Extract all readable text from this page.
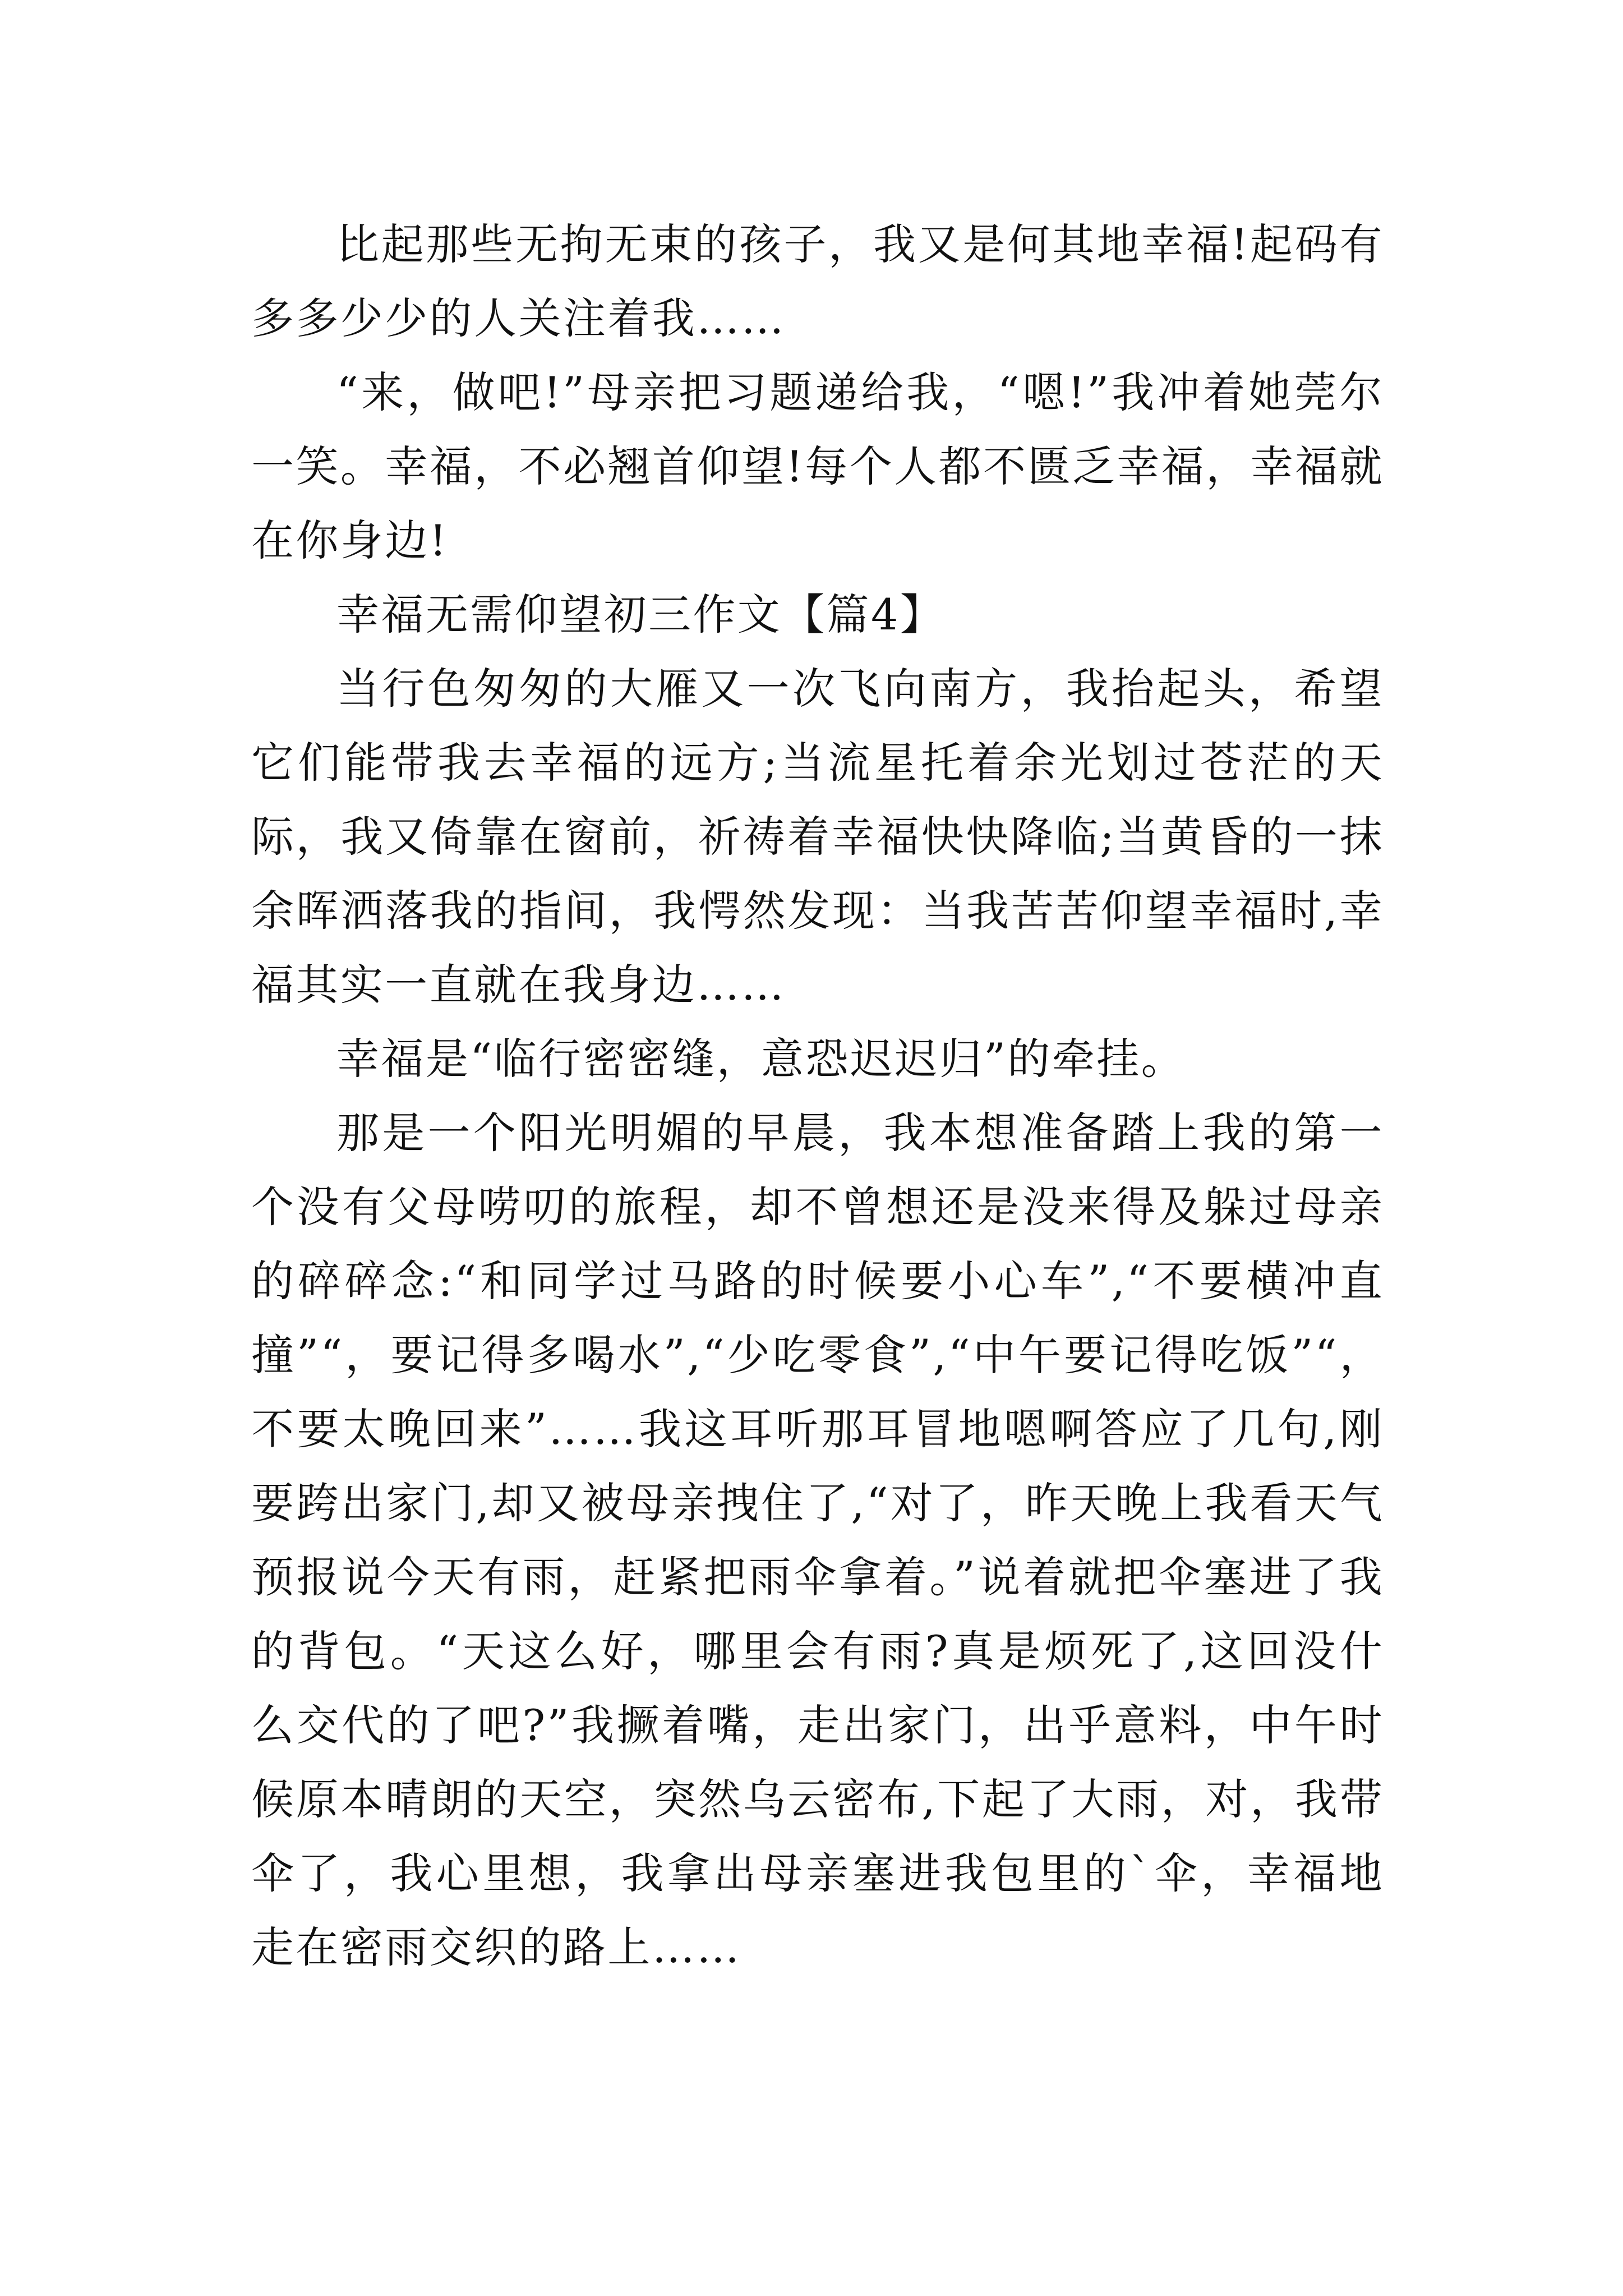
比起那些无拘无束的孩子，我又是何其地幸福!起码有多多少少的人关注着我……

“来，做吧!”母亲把习题递给我，“嗯!”我冲着她莞尔一笑。幸福，不必翘首仰望!每个人都不匮乏幸福，幸福就在你身边!

幸福无需仰望初三作文【篇4】

当行色匆匆的大雁又一次飞向南方，我抬起头，希望它们能带我去幸福的远方;当流星托着余光划过苍茫的天际，我又倚靠在窗前，祈祷着幸福快快降临;当黄昏的一抹余晖洒落我的指间，我愕然发现：当我苦苦仰望幸福时,幸福其实一直就在我身边……

幸福是“临行密密缝，意恐迟迟归”的牵挂。

那是一个阳光明媚的早晨，我本想准备踏上我的第一个没有父母唠叨的旅程，却不曾想还是没来得及躲过母亲的碎碎念:“和同学过马路的时候要小心车”,“不要横冲直撞”“，要记得多喝水”,“少吃零食”,“中午要记得吃饭”“，不要太晚回来”……我这耳听那耳冒地嗯啊答应了几句,刚要跨出家门,却又被母亲拽住了,“对了，昨天晚上我看天气预报说今天有雨，赶紧把雨伞拿着。”说着就把伞塞进了我的背包。“天这么好，哪里会有雨?真是烦死了,这回没什么交代的了吧?”我撅着嘴，走出家门，出乎意料，中午时候原本晴朗的天空，突然乌云密布,下起了大雨，对，我带伞了，我心里想，我拿出母亲塞进我包里的`伞，幸福地走在密雨交织的路上……
